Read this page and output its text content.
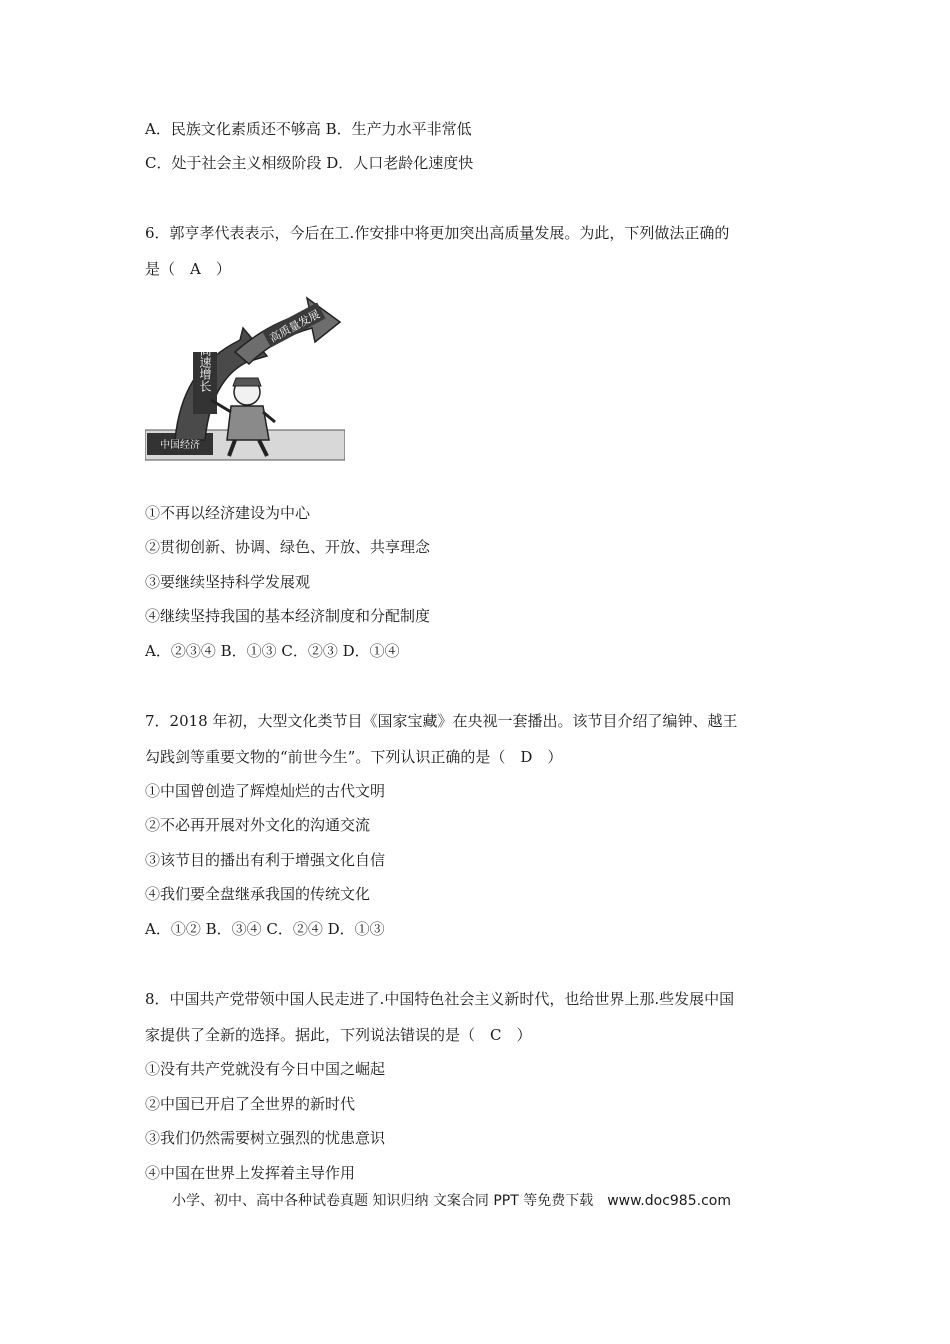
A．民族文化素质还不够高 B．生产力水平非常低
C．处于社会主义相级阶段 D．人口老龄化速度快
6．郭亨孝代表表示，今后在工.作安排中将更加突出高质量发展。为此，下列做法正确的
是（　A　）
高质量发展
高速增长
中国经济
①不再以经济建设为中心
②贯彻创新、协调、绿色、开放、共享理念
③要继续坚持科学发展观
④继续坚持我国的基本经济制度和分配制度
A．②③④ B．①③ C．②③ D．①④
7．2018 年初，大型文化类节目《国家宝藏》在央视一套播出。该节目介绍了编钟、越王
勾践剑等重要文物的“前世今生”。下列认识正确的是（　D　）
①中国曾创造了辉煌灿烂的古代文明
②不必再开展对外文化的沟通交流
③该节目的播出有利于增强文化自信
④我们要全盘继承我国的传统文化
A．①② B．③④ C．②④ D．①③
8．中国共产党带领中国人民走进了.中国特色社会主义新时代，也给世界上那.些发展中国
家提供了全新的选择。据此，下列说法错误的是（　C　）
①没有共产党就没有今日中国之崛起
②中国已开启了全世界的新时代
③我们仍然需要树立强烈的忧患意识
④中国在世界上发挥着主导作用
小学、初中、高中各种试卷真题 知识归纳 文案合同 PPT 等免费下载　www.doc985.com
